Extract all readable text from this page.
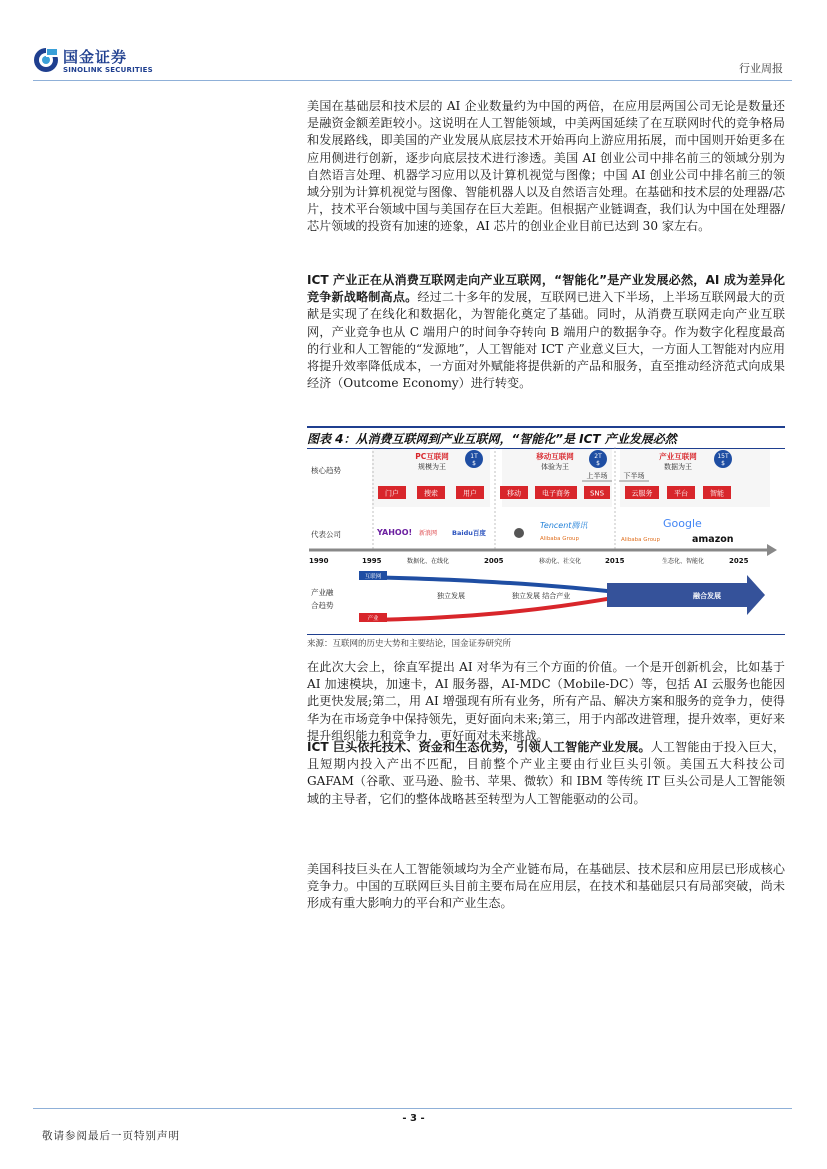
国金证券
SINOLINK SECURITIES	行业周报

美国在基础层和技术层的 AI 企业数量约为中国的两倍，在应用层两国公司无论是数量还是融资金额差距较小。这说明在人工智能领域，中美两国延续了在互联网时代的竞争格局和发展路线，即美国的产业发展从底层技术开始再向上游应用拓展，而中国则开始更多在应用侧进行创新，逐步向底层技术进行渗透。美国 AI 创业公司中排名前三的领域分别为自然语言处理、机器学习应用以及计算机视觉与图像；中国 AI 创业公司中排名前三的领域分别为计算机视觉与图像、智能机器人以及自然语言处理。在基础和技术层的处理器/芯片，技术平台领域中国与美国存在巨大差距。但根据产业链调查，我们认为中国在处理器/芯片领域的投资有加速的迹象，AI 芯片的创业企业目前已达到 30 家左右。

ICT 产业正在从消费互联网走向产业互联网，“智能化”是产业发展必然，AI 成为差异化竞争新战略制高点。经过二十多年的发展，互联网已进入下半场，上半场互联网最大的贡献是实现了在线化和数据化，为智能化奠定了基础。同时，从消费互联网走向产业互联网，产业竞争也从 C 端用户的时间争夺转向 B 端用户的数据争夺。作为数字化程度最高的行业和人工智能的“发源地”，人工智能对 ICT 产业意义巨大，一方面人工智能对内应用将提升效率降低成本，一方面对外赋能将提供新的产品和服务，直至推动经济范式向成果经济（Outcome Economy）进行转变。

图表 4：从消费互联网到产业互联网，“智能化”是 ICT 产业发展必然
核心趋势
代表公司
产业融
合趋势
PC互联网
规模为王
1T
$
门户	搜索	用户
移动互联网
体验为王
2T
$
移动	电子商务	SNS
上半场 下半场
产业互联网
数据为王
15T
$
云服务	平台	智能
YAHOO! 新浪网 Baidu百度
Tencent腾讯
Alibaba Group
Google
Alibaba Group	amazon
1990	1995	2005	2015	2025
数据化、在线化	移动化、社交化	生态化、智能化
互联网
产业
独立发展	独立发展 结合产业	融合发展
来源：互联网的历史大势和主要结论，国金证券研究所

在此次大会上，徐直军提出 AI 对华为有三个方面的价值。一个是开创新机会，比如基于 AI 加速模块，加速卡，AI 服务器，AI-MDC（Mobile-DC）等，包括 AI 云服务也能因此更快发展;第二，用 AI 增强现有所有业务，所有产品、解决方案和服务的竞争力，使得华为在市场竞争中保持领先，更好面向未来;第三，用于内部改进管理，提升效率，更好来提升组织能力和竞争力，更好面对未来挑战。

ICT 巨头依托技术、资金和生态优势，引领人工智能产业发展。人工智能由于投入巨大，且短期内投入产出不匹配，目前整个产业主要由行业巨头引领。美国五大科技公司 GAFAM（谷歌、亚马逊、脸书、苹果、微软）和 IBM 等传统 IT 巨头公司是人工智能领域的主导者，它们的整体战略甚至转型为人工智能驱动的公司。

美国科技巨头在人工智能领域均为全产业链布局，在基础层、技术层和应用层已形成核心竞争力。中国的互联网巨头目前主要布局在应用层，在技术和基础层只有局部突破，尚未形成有重大影响力的平台和产业生态。

- 3 -
敬请参阅最后一页特别声明
